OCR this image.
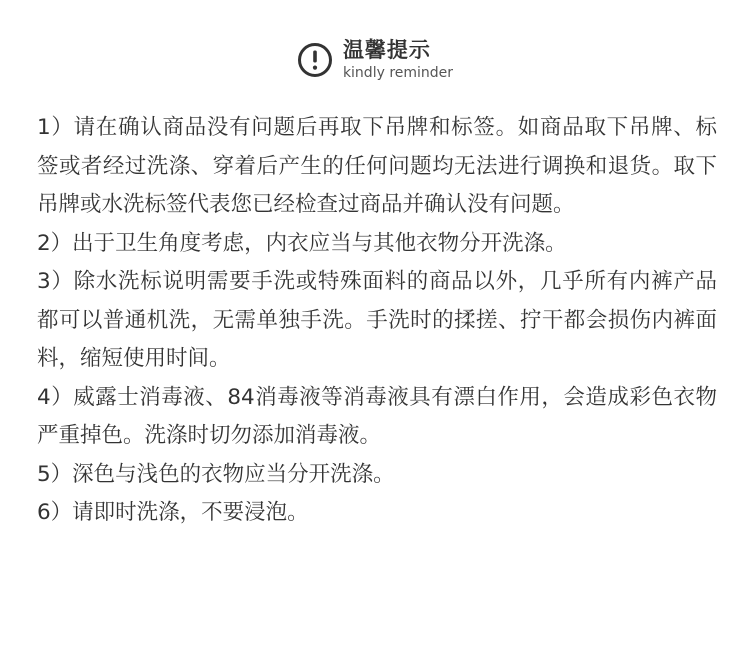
温馨提示
kindly reminder

1）请在确认商品没有问题后再取下吊牌和标签。如商品取下吊牌、标签或者经过洗涤、穿着后产生的任何问题均无法进行调换和退货。取下吊牌或水洗标签代表您已经检查过商品并确认没有问题。

2）出于卫生角度考虑，内衣应当与其他衣物分开洗涤。

3）除水洗标说明需要手洗或特殊面料的商品以外，几乎所有内裤产品都可以普通机洗，无需单独手洗。手洗时的揉搓、拧干都会损伤内裤面料，缩短使用时间。

4）威露士消毒液、84消毒液等消毒液具有漂白作用，会造成彩色衣物严重掉色。洗涤时切勿添加消毒液。

5）深色与浅色的衣物应当分开洗涤。

6）请即时洗涤，不要浸泡。
